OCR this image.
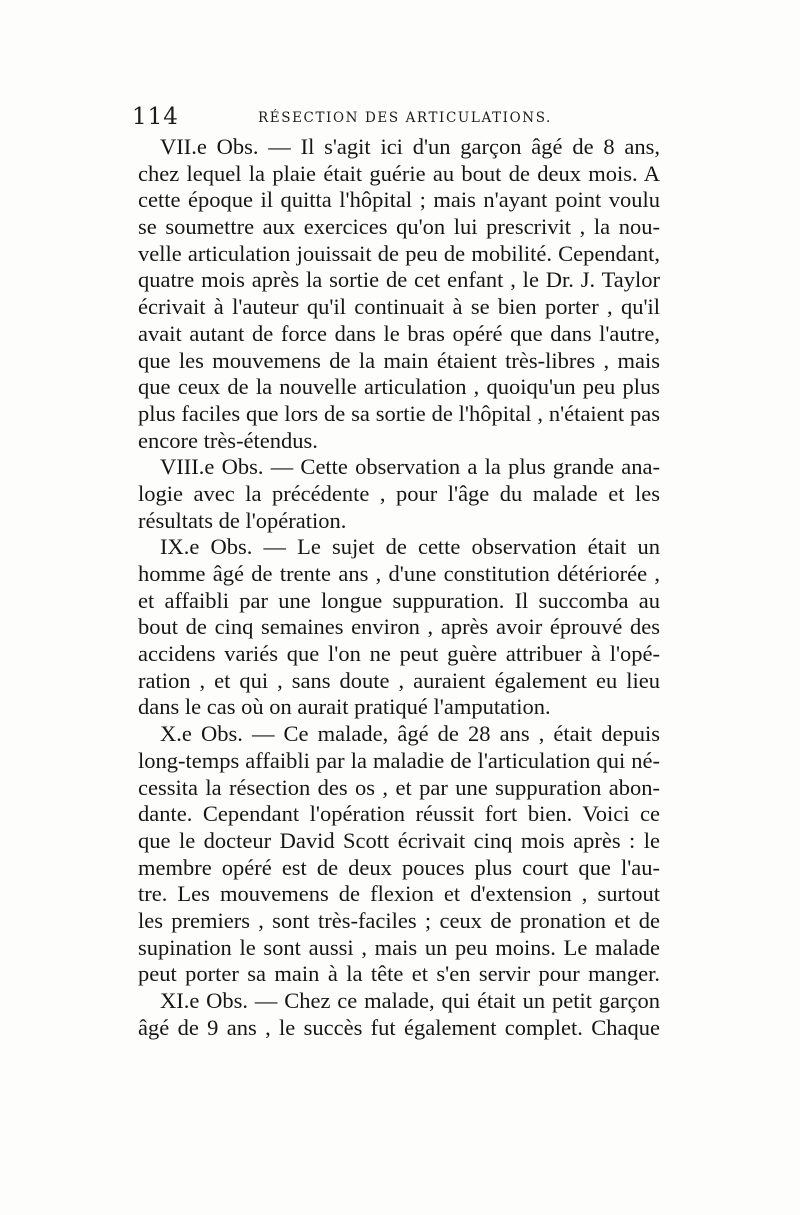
114	RÉSECTION DES ARTICULATIONS.
VII.e Obs. — Il s'agit ici d'un garçon âgé de 8 ans,
chez lequel la plaie était guérie au bout de deux mois. A
cette époque il quitta l'hôpital ; mais n'ayant point voulu
se soumettre aux exercices qu'on lui prescrivit , la nou-
velle articulation jouissait de peu de mobilité. Cependant,
quatre mois après la sortie de cet enfant , le Dr. J. Taylor
écrivait à l'auteur qu'il continuait à se bien porter , qu'il
avait autant de force dans le bras opéré que dans l'autre,
que les mouvemens de la main étaient très-libres , mais
que ceux de la nouvelle articulation , quoiqu'un peu plus
plus faciles que lors de sa sortie de l'hôpital , n'étaient pas
encore très-étendus.
VIII.e Obs. — Cette observation a la plus grande ana-
logie avec la précédente , pour l'âge du malade et les
résultats de l'opération.
IX.e Obs. — Le sujet de cette observation était un
homme âgé de trente ans , d'une constitution détériorée ,
et affaibli par une longue suppuration. Il succomba au
bout de cinq semaines environ , après avoir éprouvé des
accidens variés que l'on ne peut guère attribuer à l'opé-
ration , et qui , sans doute , auraient également eu lieu
dans le cas où on aurait pratiqué l'amputation.
X.e Obs. — Ce malade, âgé de 28 ans , était depuis
long-temps affaibli par la maladie de l'articulation qui né-
cessita la résection des os , et par une suppuration abon-
dante. Cependant l'opération réussit fort bien. Voici ce
que le docteur David Scott écrivait cinq mois après : le
membre opéré est de deux pouces plus court que l'au-
tre. Les mouvemens de flexion et d'extension , surtout
les premiers , sont très-faciles ; ceux de pronation et de
supination le sont aussi , mais un peu moins. Le malade
peut porter sa main à la tête et s'en servir pour manger.
XI.e Obs. — Chez ce malade, qui était un petit garçon
âgé de 9 ans , le succès fut également complet. Chaque
